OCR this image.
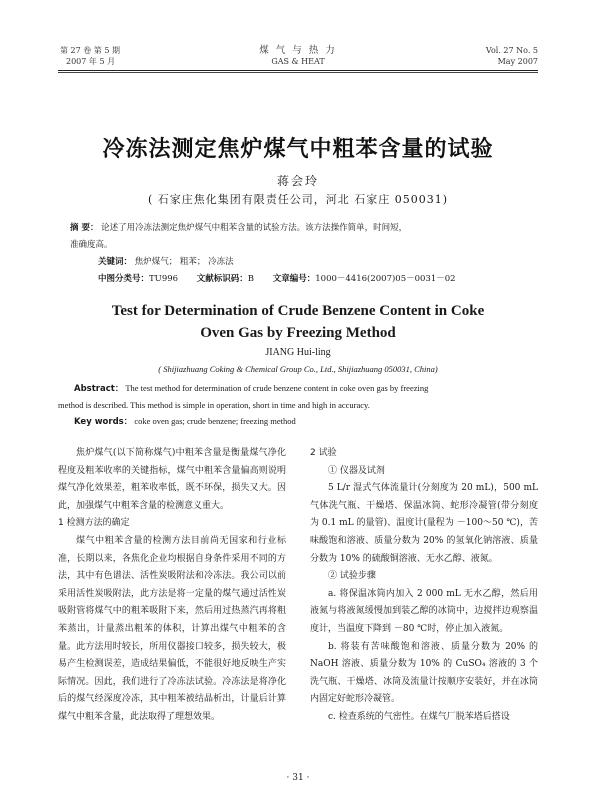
第 27 卷 第 5 期
2007 年 5 月
煤 气 与 热 力
GAS & HEAT
Vol. 27 No. 5
May 2007
冷冻法测定焦炉煤气中粗苯含量的试验
蒋会玲
( 石家庄焦化集团有限责任公司，河北 石家庄 050031)
摘 要： 论述了用冷冻法测定焦炉煤气中粗苯含量的试验方法。该方法操作简单，时间短，
准确度高。
关键词： 焦炉煤气； 粗苯； 冷冻法
中图分类号：TU996 文献标识码：B 文章编号：1000－4416(2007)05－0031－02
Test for Determination of Crude Benzene Content in Coke
Oven Gas by Freezing Method
JIANG Hui-ling
( Shijiazhuang Coking & Chemical Group Co., Ltd., Shijiazhuang 050031, China)
Abstract： The test method for determination of crude benzene content in coke oven gas by freezing
method is described. This method is simple in operation, short in time and high in accuracy.
Key words： coke oven gas; crude benzene; freezing method

焦炉煤气(以下简称煤气)中粗苯含量是衡量煤气净化程度及粗苯收率的关键指标，煤气中粗苯含量偏高则说明煤气净化效果差，粗苯收率低，既不环保，损失又大。因此，加强煤气中粗苯含量的检测意义重大。

1 检测方法的确定

煤气中粗苯含量的检测方法目前尚无国家和行业标准，长期以来，各焦化企业均根据自身条件采用不同的方法，其中有色谱法、活性炭吸附法和冷冻法。我公司以前采用活性炭吸附法，此方法是将一定量的煤气通过活性炭吸附管将煤气中的粗苯吸附下来，然后用过热蒸汽再将粗苯蒸出，计量蒸出粗苯的体积，计算出煤气中粗苯的含量。此方法用时较长，所用仪器接口较多，损失较大，极易产生检测误差，造成结果偏低，不能很好地反映生产实际情况。因此，我们进行了冷冻法试验。冷冻法是将净化后的煤气经深度冷冻，其中粗苯被结晶析出，计量后计算煤气中粗苯含量，此法取得了理想效果。

2 试验

① 仪器及试剂

5 L/r 湿式气体流量计(分刻度为 20 mL)，500 mL 气体洗气瓶、干燥塔、保温冰筒、蛇形冷凝管(带分刻度为 0.1 mL 的量管)、温度计(量程为 －100～50 ℃)，苦味酸饱和溶液、质量分数为 20% 的氢氧化钠溶液、质量分数为 10% 的硫酸铜溶液、无水乙醇、液氮。

② 试验步骤

a. 将保温冰筒内加入 2 000 mL 无水乙醇，然后用液氮与将液氮缓慢加到装乙醇的冰筒中，边搅拌边观察温度计，当温度下降到 －80 ℃时，停止加入液氮。

b. 将装有苦味酸饱和溶液、质量分数为 20% 的 NaOH 溶液、质量分数为 10% 的 CuSO₄ 溶液的 3 个洗气瓶、干燥塔、冰筒及流量计按顺序安装好，并在冰筒内固定好蛇形冷凝管。

c. 检查系统的气密性。在煤气厂脱苯塔后搭设

· 31 ·
